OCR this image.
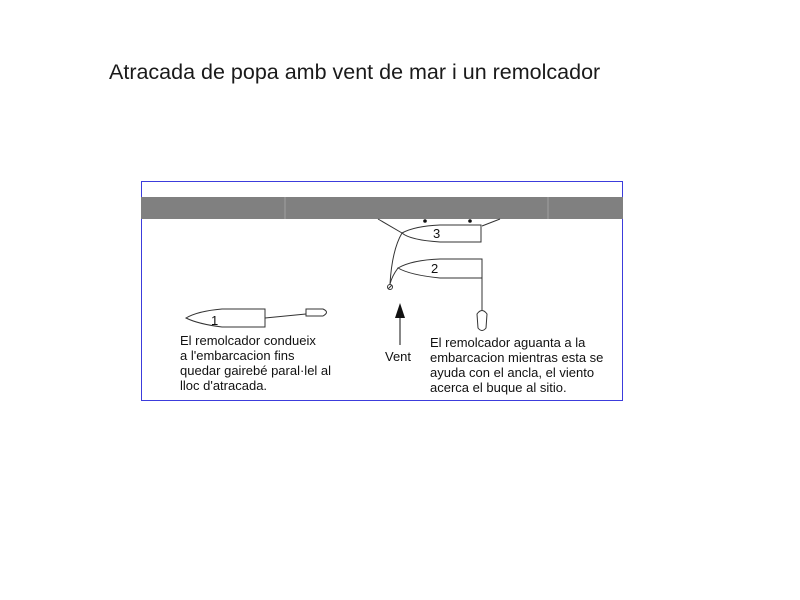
Atracada de popa amb vent de mar i un remolcador
3
2
1
Vent
El remolcador condueix
a l'embarcacion fins
quedar gairebé paral·lel al
lloc d'atracada.
El remolcador aguanta a la
embarcacion mientras esta se
ayuda con el ancla, el viento
acerca el buque al sitio.
